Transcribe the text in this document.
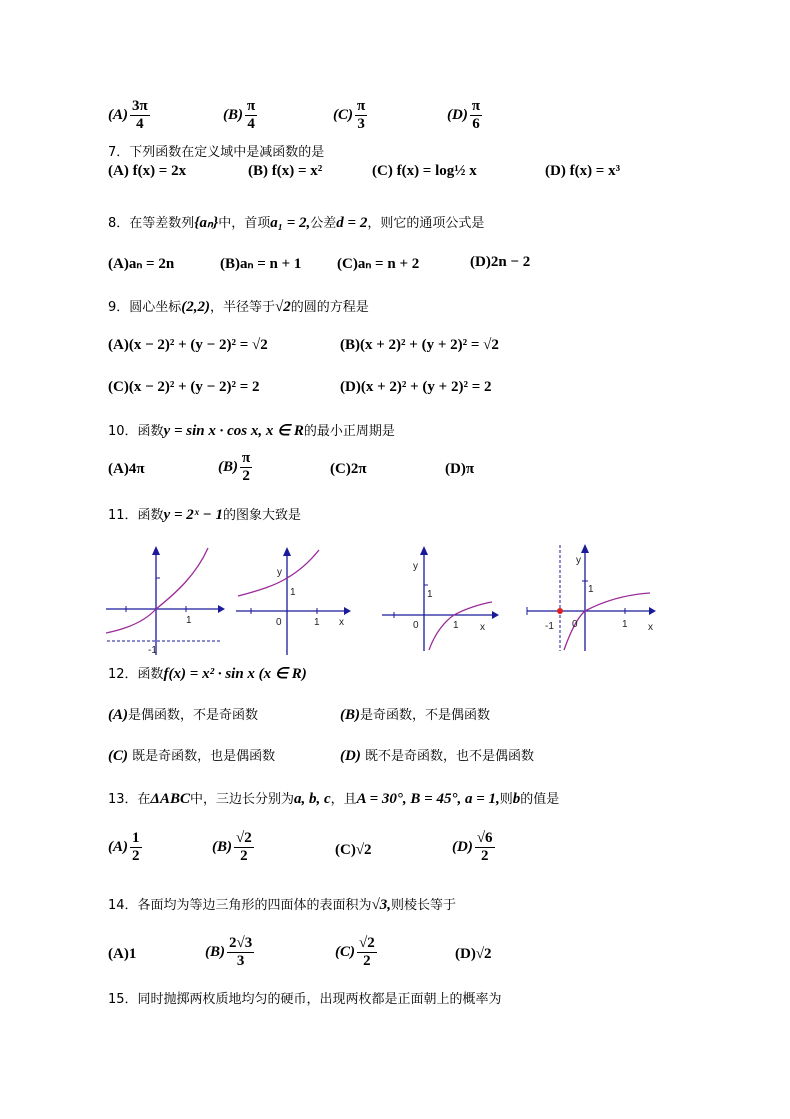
$(A) \frac{3\pi}{4}$	$(B) \frac{\pi}{4}$	$(C) \frac{\pi}{3}$	$(D) \frac{\pi}{6}$
7．下列函数在定义域中是减函数的是
(A) f(x) = 2x	(B) f(x) = x²	(C) f(x) = log½ x	(D) f(x) = x³
8．在等差数列{aₙ}中，首项a₁ = 2,公差d = 2，则它的通项公式是
(A)aₙ = 2n	(B)aₙ = n + 1 (C)aₙ = n + 2	(D)2n − 2
9．圆心坐标(2,2)，半径等于√2的圆的方程是
(A)(x − 2)² + (y − 2)² = √2	(B)(x + 2)² + (y + 2)² = √2
(C)(x − 2)² + (y − 2)² = 2	(D)(x + 2)² + (y + 2)² = 2
10．函数y = sin x · cos x, x ∈ R的最小正周期是
(A)4π	$(B) \frac{\pi}{2}$	(C)2π	(D)π
11．函数y = 2ˣ − 1的图象大致是
1
-1
y
1
0	1 x
y
1
0	1 x
y
1
-1 0	1 x
12．函数f(x) = x² · sin x (x ∈ R)
(A)是偶函数，不是奇函数	(B)是奇函数，不是偶函数
(C) 既是奇函数，也是偶函数	(D) 既不是奇函数，也不是偶函数
13．在ΔABC中，三边长分别为a, b, c，且A = 30°, B = 45°, a = 1,则b的值是
$(A) \frac{1}{2}$	$(B) \frac{√2}{2}$	(C)√2	$(D) \frac{√6}{2}$
14．各面均为等边三角形的四面体的表面积为√3,则棱长等于
(A)1	$(B) \frac{2√3}{3}$	$(C) \frac{√2}{2}$	(D)√2
15．同时抛掷两枚质地均匀的硬币，出现两枚都是正面朝上的概率为
